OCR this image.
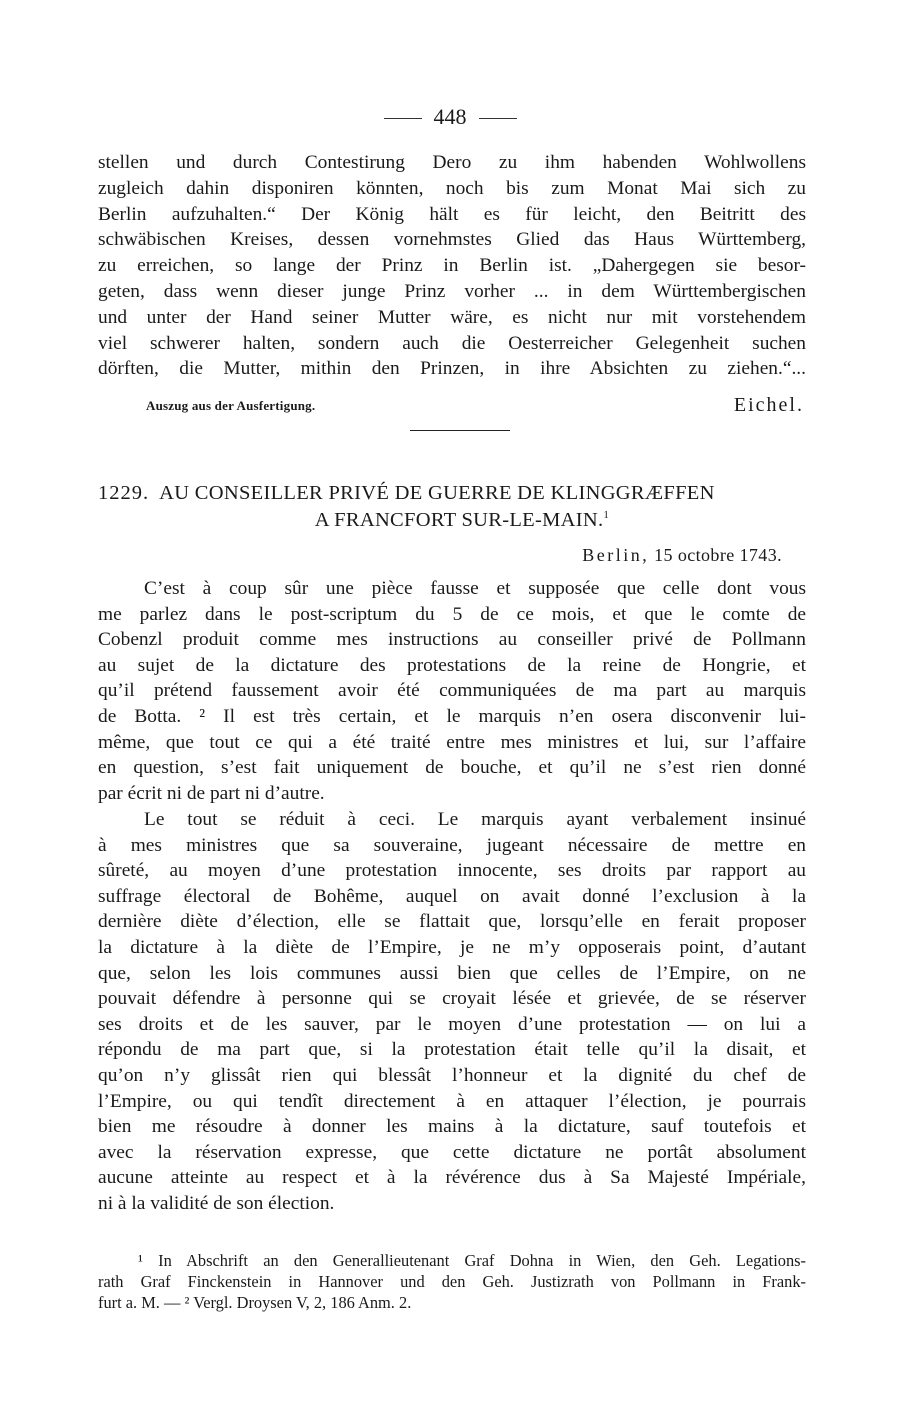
448
stellen und durch Contestirung Dero zu ihm habenden Wohlwollens
zugleich dahin disponiren könnten, noch bis zum Monat Mai sich zu
Berlin aufzuhalten.“ Der König hält es für leicht, den Beitritt des
schwäbischen Kreises, dessen vornehmstes Glied das Haus Württemberg,
zu erreichen, so lange der Prinz in Berlin ist. „Dahergegen sie besor-
geten, dass wenn dieser junge Prinz vorher ... in dem Württembergischen
und unter der Hand seiner Mutter wäre, es nicht nur mit vorstehendem
viel schwerer halten, sondern auch die Oesterreicher Gelegenheit suchen
dörften, die Mutter, mithin den Prinzen, in ihre Absichten zu ziehen.“...
Auszug aus der Ausfertigung.	Eichel.
1229. AU CONSEILLER PRIVÉ DE GUERRE DE KLINGGRÆFFEN
A FRANCFORT SUR-LE-MAIN.$^1$
Berlin, 15 octobre 1743.
C’est à coup sûr une pièce fausse et supposée que celle dont vous
me parlez dans le post-scriptum du 5 de ce mois, et que le comte de
Cobenzl produit comme mes instructions au conseiller privé de Pollmann
au sujet de la dictature des protestations de la reine de Hongrie, et
qu’il prétend faussement avoir été communiquées de ma part au marquis
de Botta. ² Il est très certain, et le marquis n’en osera disconvenir lui-
même, que tout ce qui a été traité entre mes ministres et lui, sur l’affaire
en question, s’est fait uniquement de bouche, et qu’il ne s’est rien donné
par écrit ni de part ni d’autre.
Le tout se réduit à ceci. Le marquis ayant verbalement insinué
à mes ministres que sa souveraine, jugeant nécessaire de mettre en
sûreté, au moyen d’une protestation innocente, ses droits par rapport au
suffrage électoral de Bohême, auquel on avait donné l’exclusion à la
dernière diète d’élection, elle se flattait que, lorsqu’elle en ferait proposer
la dictature à la diète de l’Empire, je ne m’y opposerais point, d’autant
que, selon les lois communes aussi bien que celles de l’Empire, on ne
pouvait défendre à personne qui se croyait lésée et grievée, de se réserver
ses droits et de les sauver, par le moyen d’une protestation — on lui a
répondu de ma part que, si la protestation était telle qu’il la disait, et
qu’on n’y glissât rien qui blessât l’honneur et la dignité du chef de
l’Empire, ou qui tendît directement à en attaquer l’élection, je pourrais
bien me résoudre à donner les mains à la dictature, sauf toutefois et
avec la réservation expresse, que cette dictature ne portât absolument
aucune atteinte au respect et à la révérence dus à Sa Majesté Impériale,
ni à la validité de son élection.
¹ In Abschrift an den Generallieutenant Graf Dohna in Wien, den Geh. Legations-
rath Graf Finckenstein in Hannover und den Geh. Justizrath von Pollmann in Frank-
furt a. M. — ² Vergl. Droysen V, 2, 186 Anm. 2.
